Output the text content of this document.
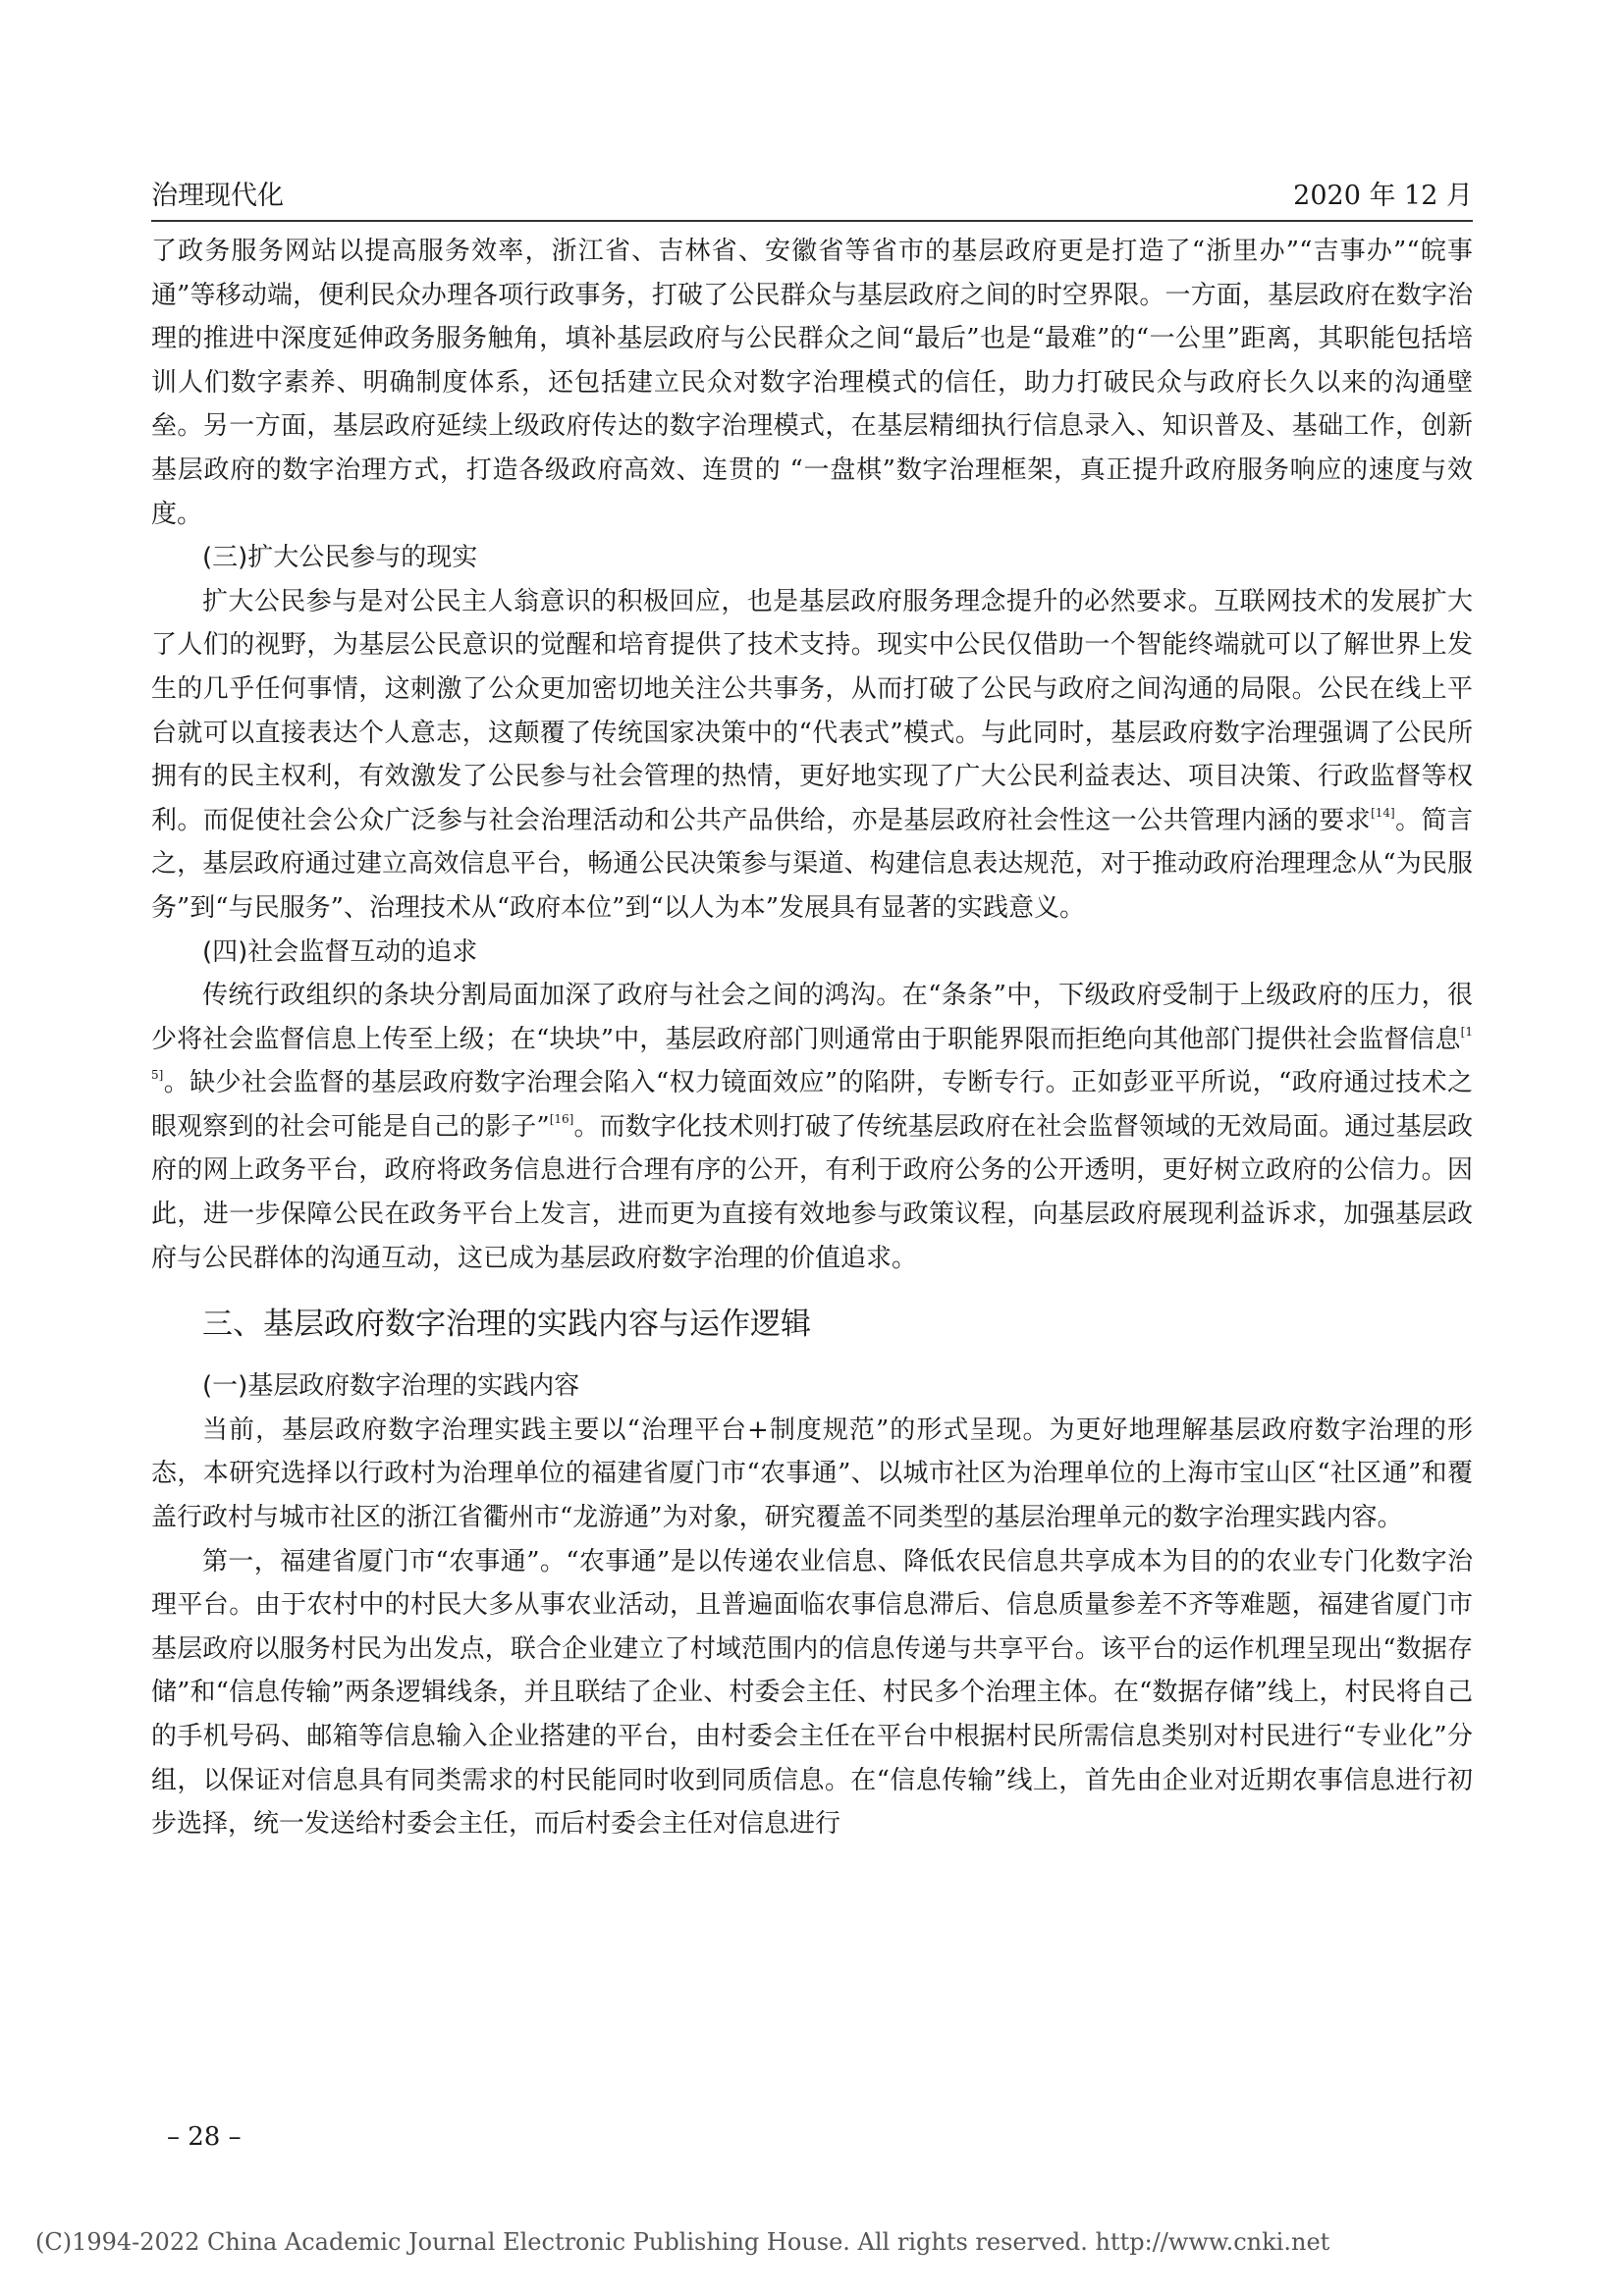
治理现代化	2020 年 12 月

了政务服务网站以提高服务效率，浙江省、吉林省、安徽省等省市的基层政府更是打造了“浙里办”“吉事办”“皖事通”等移动端，便利民众办理各项行政事务，打破了公民群众与基层政府之间的时空界限。一方面，基层政府在数字治理的推进中深度延伸政务服务触角，填补基层政府与公民群众之间“最后”也是“最难”的“一公里”距离，其职能包括培训人们数字素养、明确制度体系，还包括建立民众对数字治理模式的信任，助力打破民众与政府长久以来的沟通壁垒。另一方面，基层政府延续上级政府传达的数字治理模式，在基层精细执行信息录入、知识普及、基础工作，创新基层政府的数字治理方式，打造各级政府高效、连贯的 “一盘棋”数字治理框架，真正提升政府服务响应的速度与效度。

(三)扩大公民参与的现实

扩大公民参与是对公民主人翁意识的积极回应，也是基层政府服务理念提升的必然要求。互联网技术的发展扩大了人们的视野，为基层公民意识的觉醒和培育提供了技术支持。现实中公民仅借助一个智能终端就可以了解世界上发生的几乎任何事情，这刺激了公众更加密切地关注公共事务，从而打破了公民与政府之间沟通的局限。公民在线上平台就可以直接表达个人意志，这颠覆了传统国家决策中的“代表式”模式。与此同时，基层政府数字治理强调了公民所拥有的民主权利，有效激发了公民参与社会管理的热情，更好地实现了广大公民利益表达、项目决策、行政监督等权利。而促使社会公众广泛参与社会治理活动和公共产品供给，亦是基层政府社会性这一公共管理内涵的要求[14]。简言之，基层政府通过建立高效信息平台，畅通公民决策参与渠道、构建信息表达规范，对于推动政府治理理念从“为民服务”到“与民服务”、治理技术从“政府本位”到“以人为本”发展具有显著的实践意义。

(四)社会监督互动的追求

传统行政组织的条块分割局面加深了政府与社会之间的鸿沟。在“条条”中，下级政府受制于上级政府的压力，很少将社会监督信息上传至上级；在“块块”中，基层政府部门则通常由于职能界限而拒绝向其他部门提供社会监督信息[15]。缺少社会监督的基层政府数字治理会陷入“权力镜面效应”的陷阱，专断专行。正如彭亚平所说，“政府通过技术之眼观察到的社会可能是自己的影子”[16]。而数字化技术则打破了传统基层政府在社会监督领域的无效局面。通过基层政府的网上政务平台，政府将政务信息进行合理有序的公开，有利于政府公务的公开透明，更好树立政府的公信力。因此，进一步保障公民在政务平台上发言，进而更为直接有效地参与政策议程，向基层政府展现利益诉求，加强基层政府与公民群体的沟通互动，这已成为基层政府数字治理的价值追求。

三、基层政府数字治理的实践内容与运作逻辑
(一)基层政府数字治理的实践内容

当前，基层政府数字治理实践主要以“治理平台+制度规范”的形式呈现。为更好地理解基层政府数字治理的形态，本研究选择以行政村为治理单位的福建省厦门市“农事通”、以城市社区为治理单位的上海市宝山区“社区通”和覆盖行政村与城市社区的浙江省衢州市“龙游通”为对象，研究覆盖不同类型的基层治理单元的数字治理实践内容。

第一，福建省厦门市“农事通”。“农事通”是以传递农业信息、降低农民信息共享成本为目的的农业专门化数字治理平台。由于农村中的村民大多从事农业活动，且普遍面临农事信息滞后、信息质量参差不齐等难题，福建省厦门市基层政府以服务村民为出发点，联合企业建立了村域范围内的信息传递与共享平台。该平台的运作机理呈现出“数据存储”和“信息传输”两条逻辑线条，并且联结了企业、村委会主任、村民多个治理主体。在“数据存储”线上，村民将自己的手机号码、邮箱等信息输入企业搭建的平台，由村委会主任在平台中根据村民所需信息类别对村民进行“专业化”分组，以保证对信息具有同类需求的村民能同时收到同质信息。在“信息传输”线上，首先由企业对近期农事信息进行初步选择，统一发送给村委会主任，而后村委会主任对信息进行

– 28 –
(C)1994-2022 China Academic Journal Electronic Publishing House. All rights reserved. http://www.cnki.net
